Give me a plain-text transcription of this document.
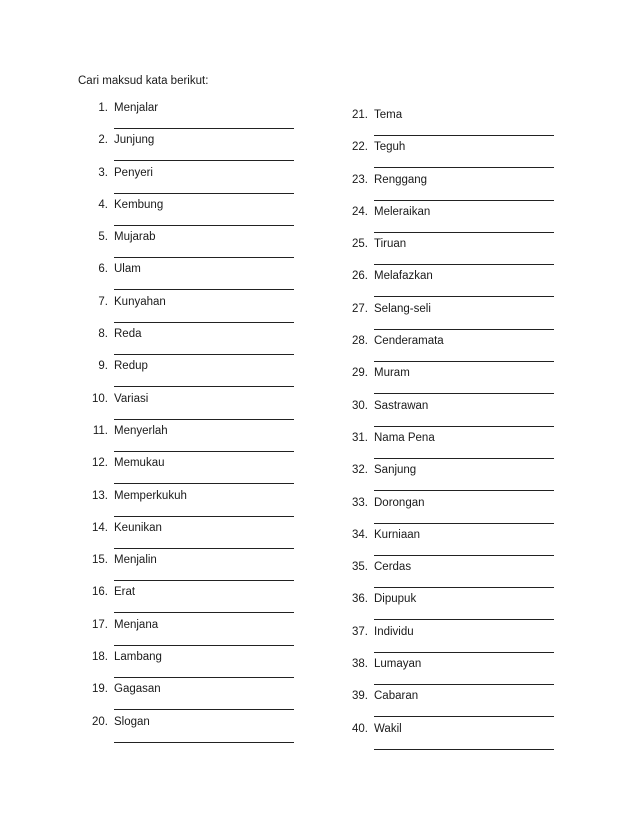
Cari maksud kata berikut:
1. Menjalar
2. Junjung
3. Penyeri
4. Kembung
5. Mujarab
6. Ulam
7. Kunyahan
8. Reda
9. Redup
10. Variasi
11. Menyerlah
12. Memukau
13. Memperkukuh
14. Keunikan
15. Menjalin
16. Erat
17. Menjana
18. Lambang
19. Gagasan
20. Slogan
21. Tema
22. Teguh
23. Renggang
24. Meleraikan
25. Tiruan
26. Melafazkan
27. Selang-seli
28. Cenderamata
29. Muram
30. Sastrawan
31. Nama Pena
32. Sanjung
33. Dorongan
34. Kurniaan
35. Cerdas
36. Dipupuk
37. Individu
38. Lumayan
39. Cabaran
40. Wakil
